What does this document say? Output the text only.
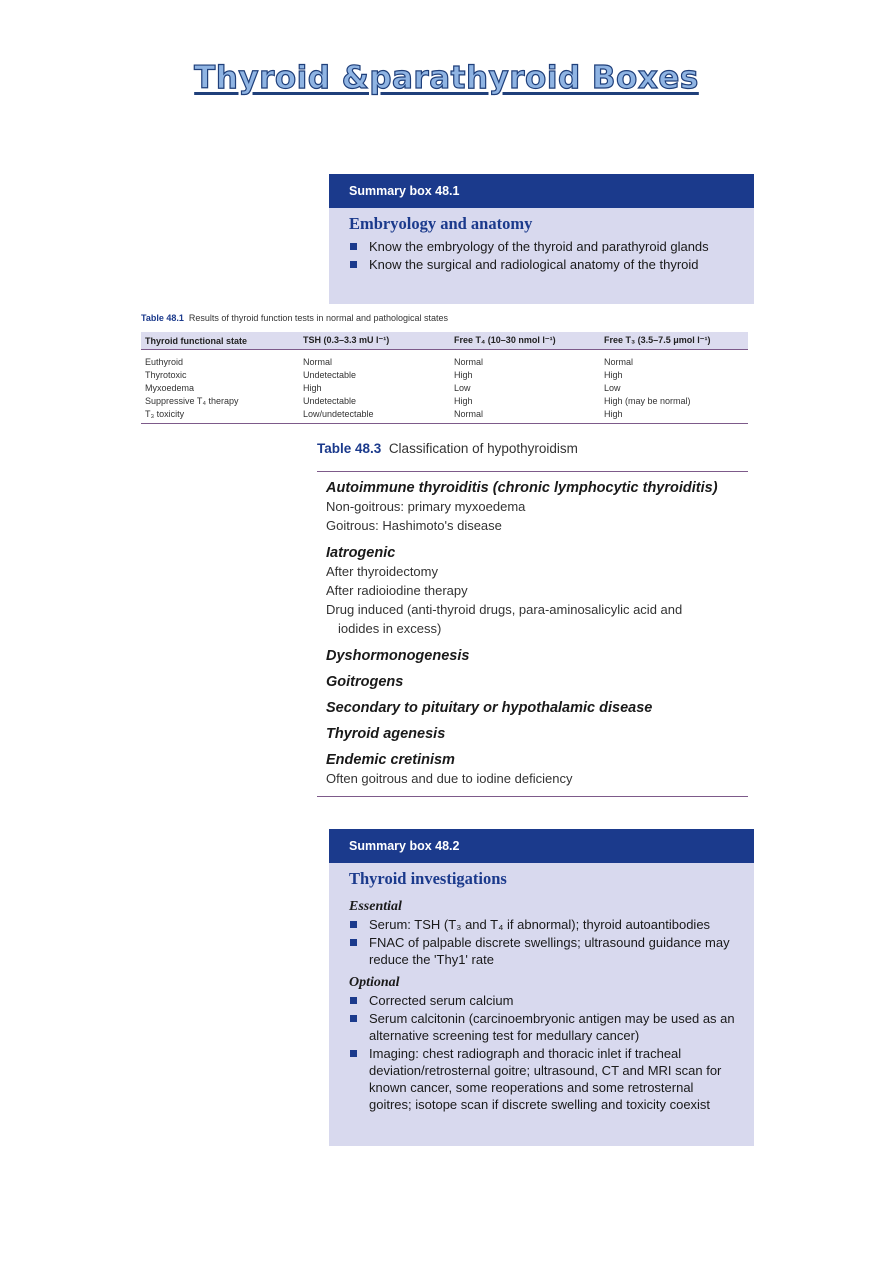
Thyroid &parathyroid Boxes
Summary box 48.1
Embryology and anatomy
Know the embryology of the thyroid and parathyroid glands
Know the surgical and radiological anatomy of the thyroid
Table 48.1 Results of thyroid function tests in normal and pathological states
Thyroid functional state	TSH (0.3–3.3 mU l⁻¹)	Free T₄ (10–30 nmol l⁻¹)	Free T₃ (3.5–7.5 μmol l⁻¹)
Euthyroid	Normal	Normal	Normal
Thyrotoxic	Undetectable	High	High
Myxoedema	High	Low	Low
Suppressive T₄ therapy	Undetectable	High	High (may be normal)
T₃ toxicity	Low/undetectable	Normal	High
Table 48.3 Classification of hypothyroidism
Autoimmune thyroiditis (chronic lymphocytic thyroiditis)
Non-goitrous: primary myxoedema
Goitrous: Hashimoto's disease
Iatrogenic
After thyroidectomy
After radioiodine therapy
Drug induced (anti-thyroid drugs, para-aminosalicylic acid and
iodides in excess)
Dyshormonogenesis
Goitrogens
Secondary to pituitary or hypothalamic disease
Thyroid agenesis
Endemic cretinism
Often goitrous and due to iodine deficiency
Summary box 48.2
Thyroid investigations
Essential
Serum: TSH (T₃ and T₄ if abnormal); thyroid autoantibodies
FNAC of palpable discrete swellings; ultrasound guidance may reduce the 'Thy1' rate
Optional
Corrected serum calcium
Serum calcitonin (carcinoembryonic antigen may be used as an alternative screening test for medullary cancer)
Imaging: chest radiograph and thoracic inlet if tracheal deviation/retrosternal goitre; ultrasound, CT and MRI scan for known cancer, some reoperations and some retrosternal goitres; isotope scan if discrete swelling and toxicity coexist
